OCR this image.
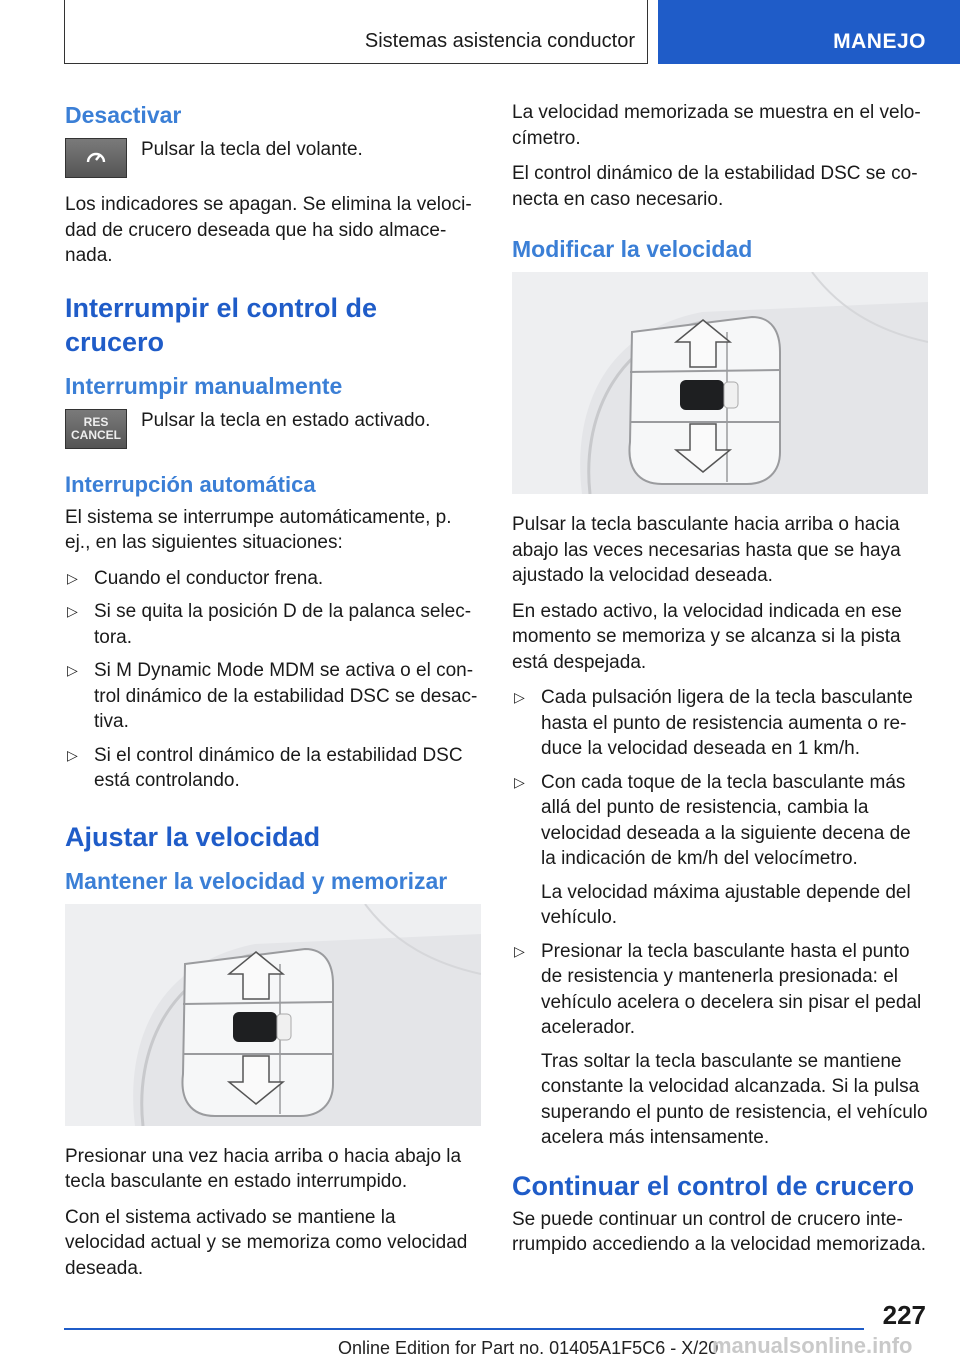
Sistemas asistencia conductor	MANEJO
Desactivar
Pulsar la tecla del volante.

Los indicadores se apagan. Se elimina la velocidad de crucero deseada que ha sido almacenada.

Interrumpir el control de crucero
Interrumpir manualmente
RES
CANCEL
Pulsar la tecla en estado activado.
Interrupción automática

El sistema se interrumpe automáticamente, p. ej., en las siguientes situaciones:

▷ Cuando el conductor frena.
▷ Si se quita la posición D de la palanca selectora.
▷ Si M Dynamic Mode MDM se activa o el control dinámico de la estabilidad DSC se desactiva.
▷ Si el control dinámico de la estabilidad DSC está controlando.
Ajustar la velocidad
Mantener la velocidad y memorizar

Presionar una vez hacia arriba o hacia abajo la tecla basculante en estado interrumpido.

Con el sistema activado se mantiene la velocidad actual y se memoriza como velocidad deseada.

La velocidad memorizada se muestra en el velocímetro.

El control dinámico de la estabilidad DSC se conecta en caso necesario.

Modificar la velocidad

Pulsar la tecla basculante hacia arriba o hacia abajo las veces necesarias hasta que se haya ajustado la velocidad deseada.

En estado activo, la velocidad indicada en ese momento se memoriza y se alcanza si la pista está despejada.

▷ Cada pulsación ligera de la tecla basculante hasta el punto de resistencia aumenta o reduce la velocidad deseada en 1 km/h.
▷ Con cada toque de la tecla basculante más allá del punto de resistencia, cambia la velocidad deseada a la siguiente decena de la indicación de km/h del velocímetro.
La velocidad máxima ajustable depende del vehículo.
▷ Presionar la tecla basculante hasta el punto de resistencia y mantenerla presionada: el vehículo acelera o decelera sin pisar el pedal acelerador.
Tras soltar la tecla basculante se mantiene constante la velocidad alcanzada. Si la pulsa superando el punto de resistencia, el vehículo acelera más intensamente.
Continuar el control de crucero

Se puede continuar un control de crucero interrumpido accediendo a la velocidad memorizada.

227
Online Edition for Part no. 01405A1F5C6 - X/20
manualsonline.info
